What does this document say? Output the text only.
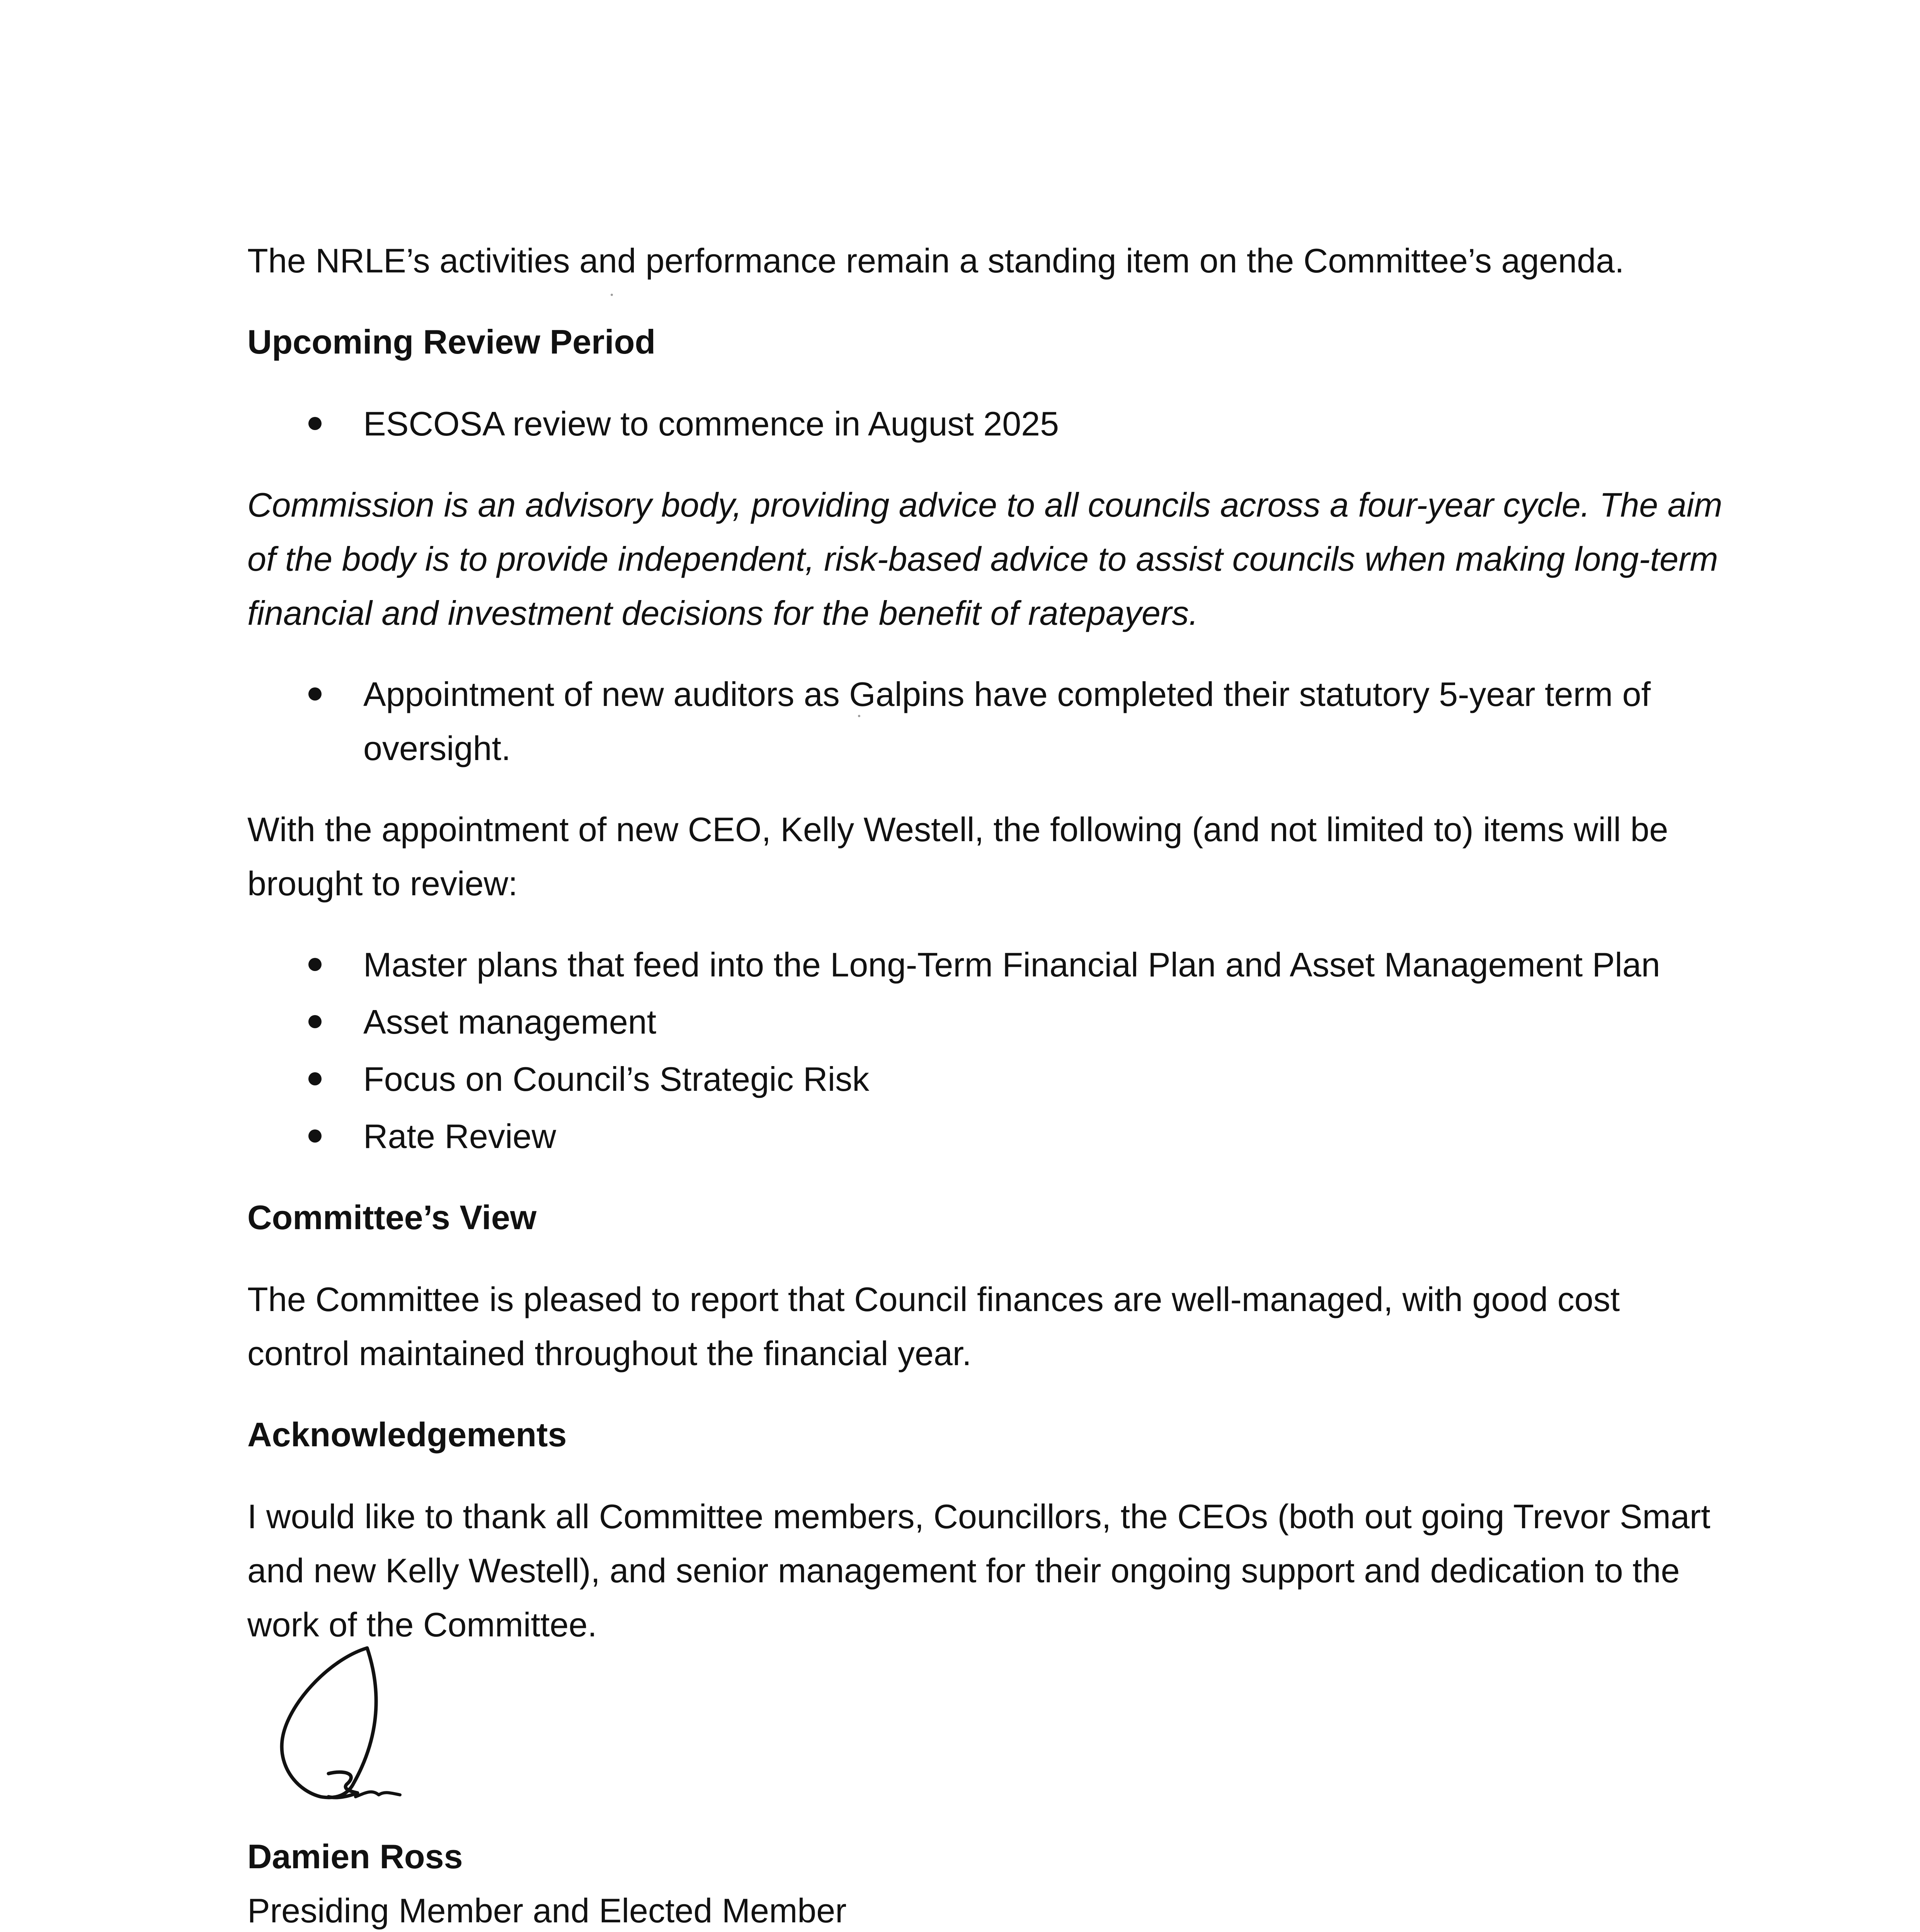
The NRLE’s activities and performance remain a standing item on the Committee’s agenda.

Upcoming Review Period

ESCOSA review to commence in August 2025

Commission is an advisory body, providing advice to all councils across a four-year cycle. The aim of the body is to provide independent, risk-based advice to assist councils when making long-term financial and investment decisions for the benefit of ratepayers.

Appointment of new auditors as Galpins have completed their statutory 5-year term of oversight.

With the appointment of new CEO, Kelly Westell, the following (and not limited to) items will be brought to review:

Master plans that feed into the Long-Term Financial Plan and Asset Management Plan
Asset management
Focus on Council’s Strategic Risk
Rate Review

Committee’s View

The Committee is pleased to report that Council finances are well-managed, with good cost control maintained throughout the financial year.

Acknowledgements

I would like to thank all Committee members, Councillors, the CEOs (both out going Trevor Smart and new Kelly Westell), and senior management for their ongoing support and dedication to the work of the Committee.

Damien Ross

Presiding Member and Elected Member
